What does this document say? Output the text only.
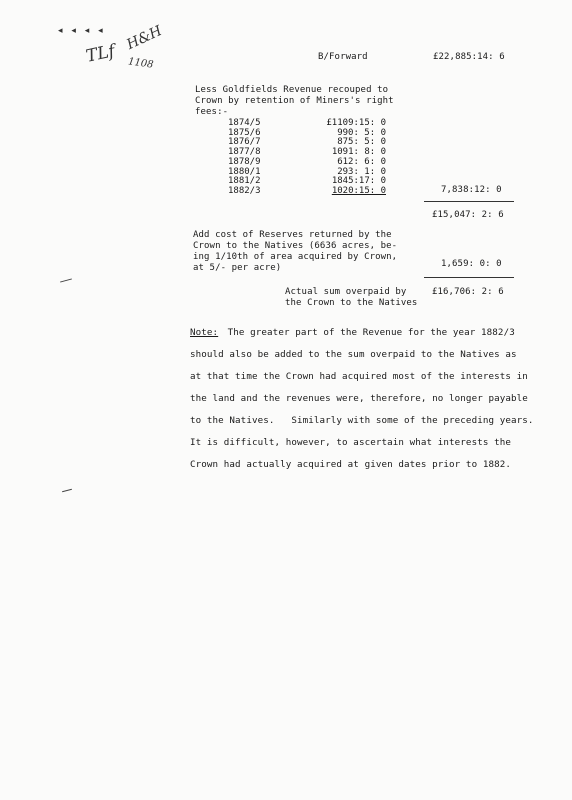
◂ ◂ ◂ ◂
TLf
H&H
1108	B/Forward	£22,885:14: 6
Less Goldfields Revenue recouped to
Crown by retention of Miners's right
fees:-
1874/5	£1109:15: 0
1875/6	990: 5: 0
1876/7	875: 5: 0
1877/8	1091: 8: 0
1878/9	612: 6: 0
1880/1	293: 1: 0
1881/2	1845:17: 0
1882/3	1020:15: 0	7,838:12: 0
£15,047: 2: 6
Add cost of Reserves returned by the
Crown to the Natives (6636 acres, be-
ing 1/10th of area acquired by Crown,
at 5/- per acre)	1,659: 0: 0
Actual sum overpaid by
the Crown to the Natives
£16,706: 2: 6
Note: The greater part of the Revenue for the year 1882/3
should also be added to the sum overpaid to the Natives as
at that time the Crown had acquired most of the interests in
the land and the revenues were, therefore, no longer payable
to the Natives.   Similarly with some of the preceding years.
It is difficult, however, to ascertain what interests the
Crown had actually acquired at given dates prior to 1882.
